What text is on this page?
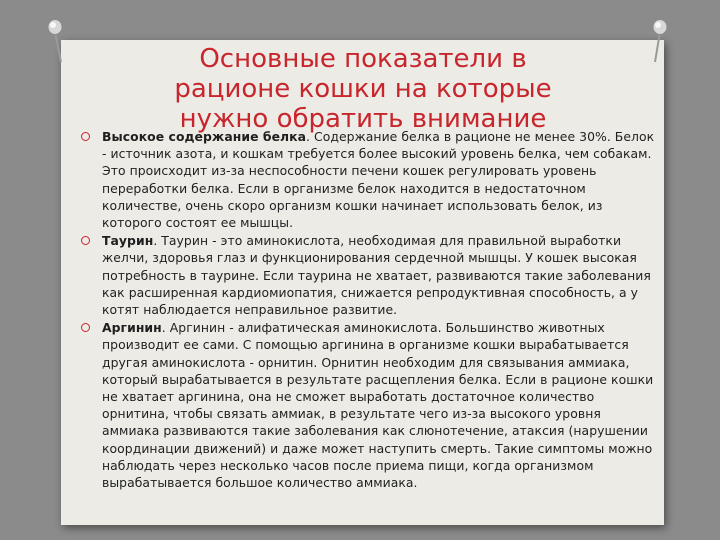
Основные показатели в
рационе кошки на которые
нужно обратить внимание
Высокое содержание белка. Содержание белка в рационе не менее 30%. Белок - источник азота, и кошкам требуется более высокий уровень белка, чем собакам. Это происходит из-за неспособности печени кошек регулировать уровень переработки белка. Если в организме белок находится в недостаточном количестве, очень скоро организм кошки начинает использовать белок, из которого состоят ее мышцы.
Таурин. Таурин - это аминокислота, необходимая для правильной выработки желчи, здоровья глаз и функционирования сердечной мышцы. У кошек высокая потребность в таурине. Если таурина не хватает, развиваются такие заболевания как расширенная кардиомиопатия, снижается репродуктивная способность, а у котят наблюдается неправильное развитие.
Аргинин. Аргинин - алифатическая аминокислота. Большинство животных производит ее сами. С помощью аргинина в организме кошки вырабатывается другая аминокислота - орнитин. Орнитин необходим для связывания аммиака, который вырабатывается в результате расщепления белка. Если в рационе кошки не хватает аргинина, она не сможет выработать достаточное количество орнитина, чтобы связать аммиак, в результате чего из-за высокого уровня аммиака развиваются такие заболевания как слюнотечение, атаксия (нарушении координации движений) и даже может наступить смерть. Такие симптомы можно наблюдать через несколько часов после приема пищи, когда организмом вырабатывается большое количество аммиака.
